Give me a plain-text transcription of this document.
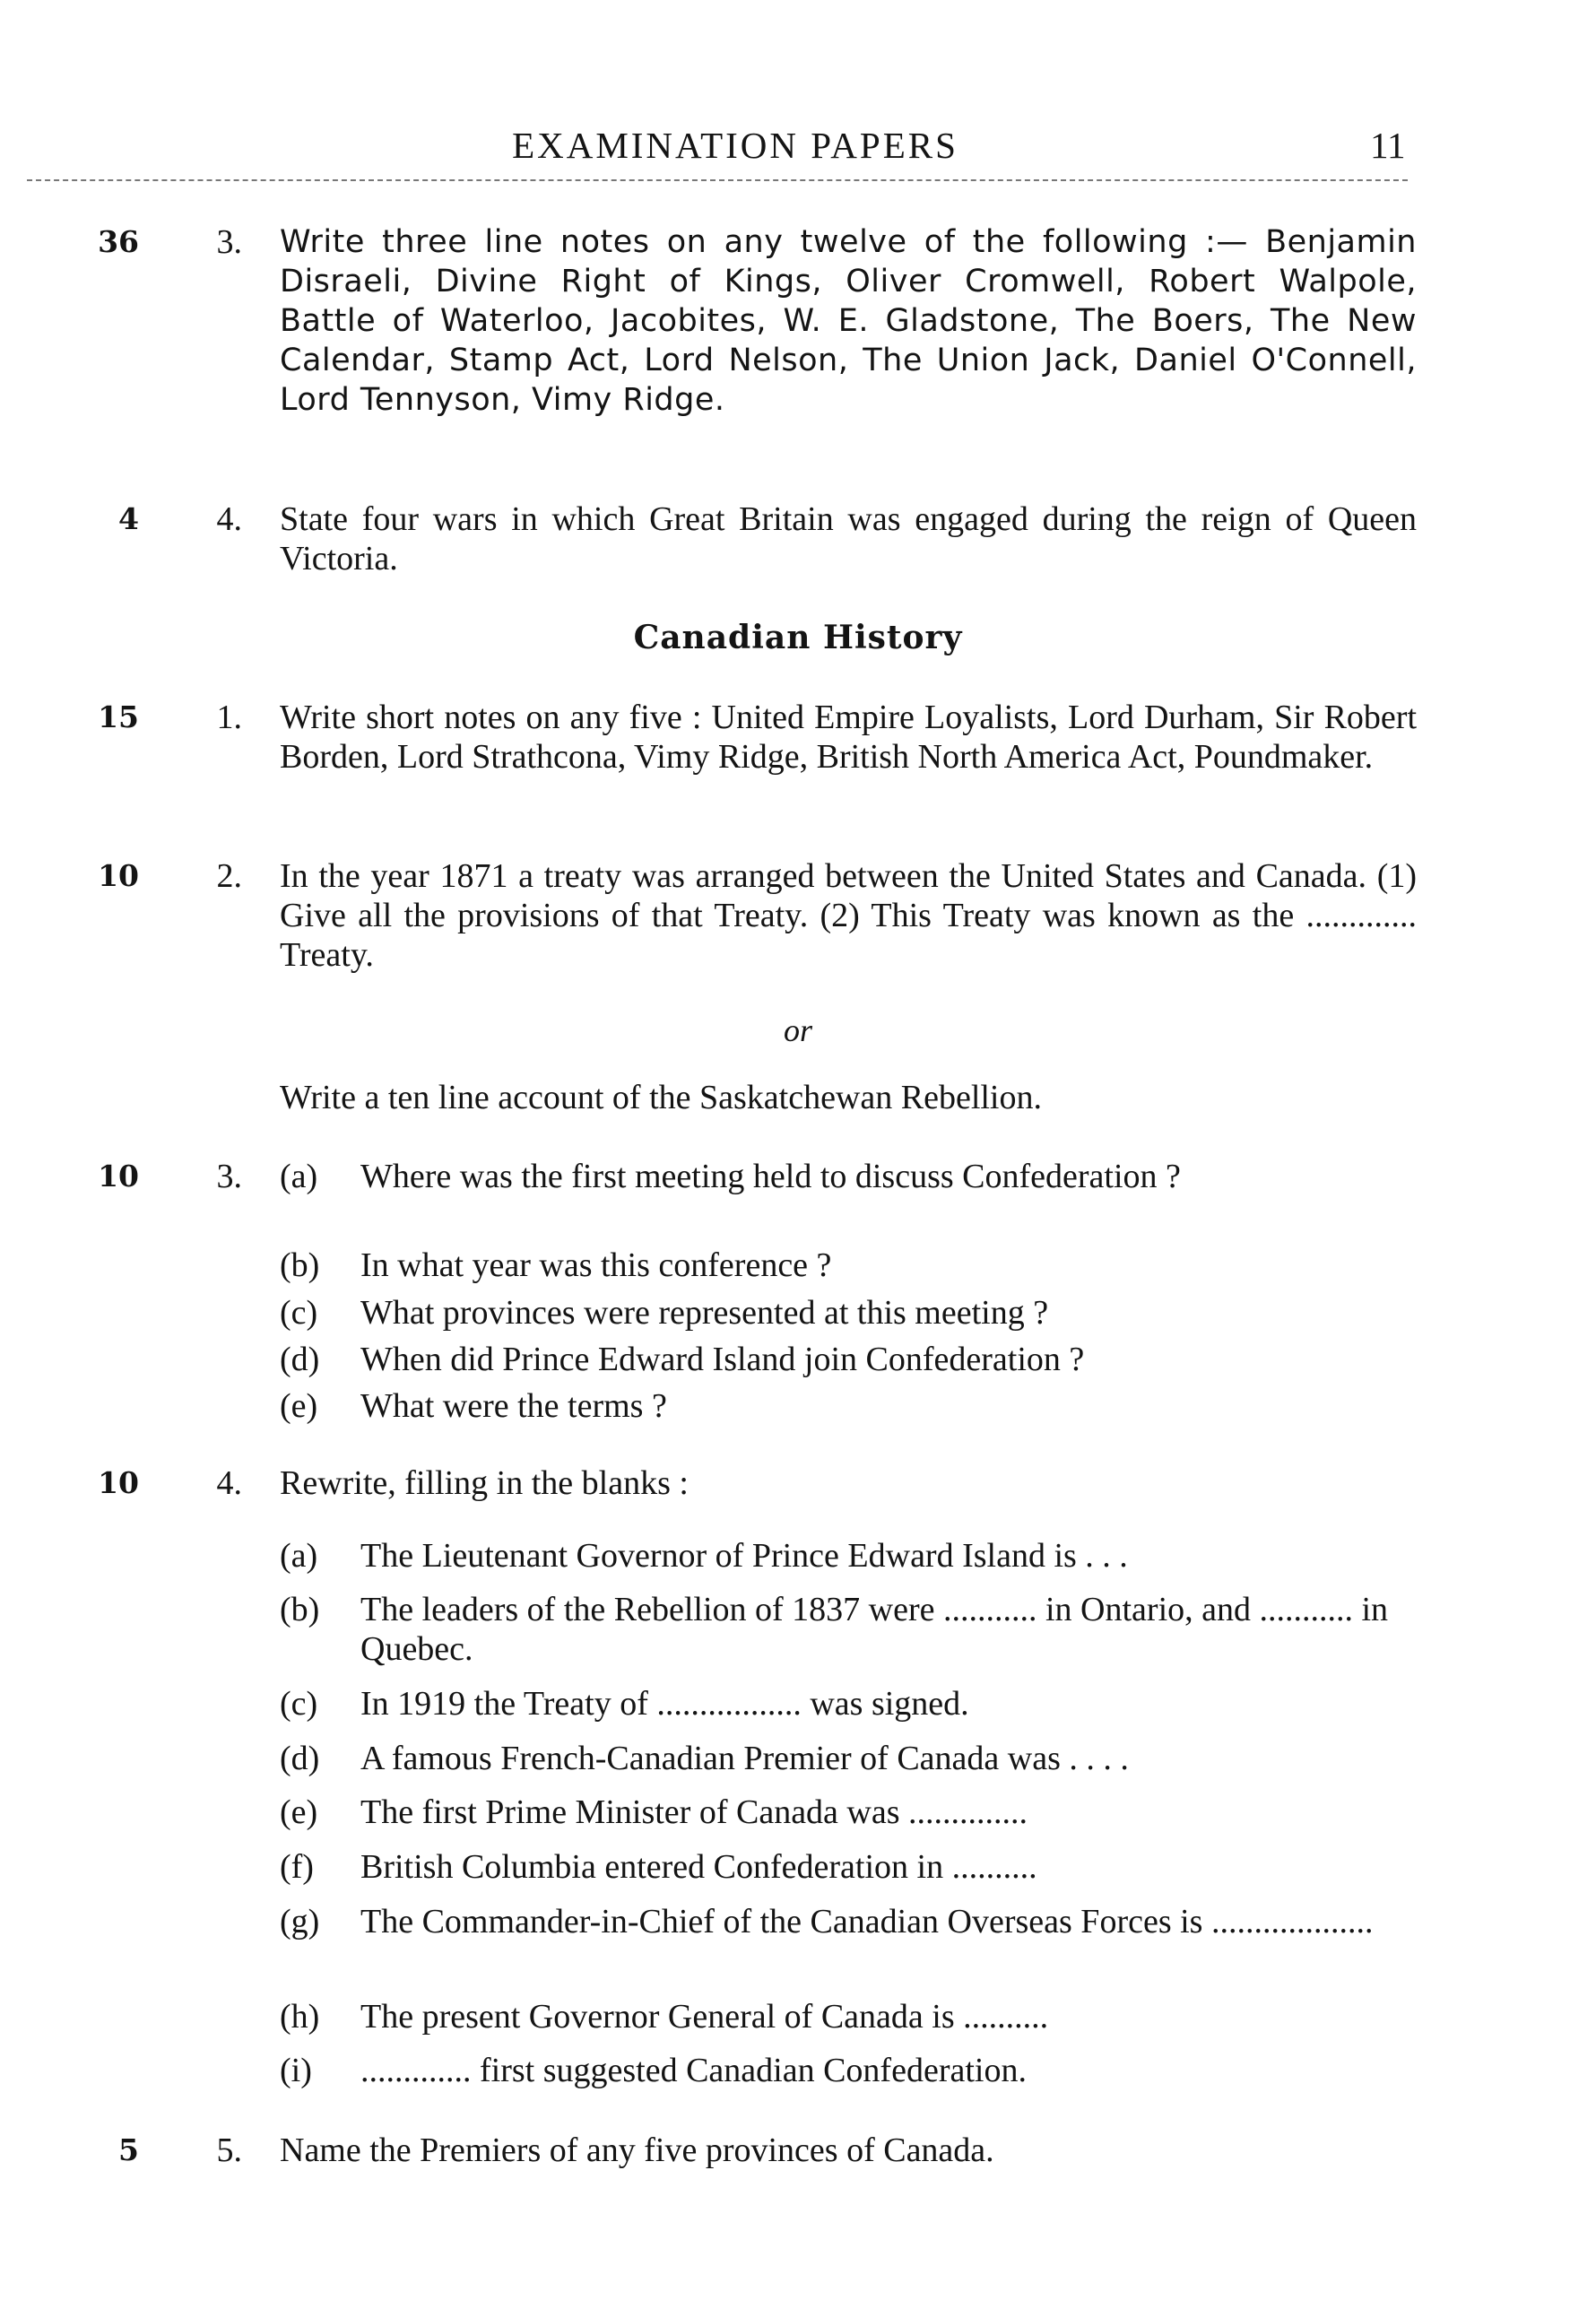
EXAMINATION PAPERS	11
36	3. Write three line notes on any twelve of the following :— Benjamin Disraeli, Divine Right of Kings, Oliver Cromwell, Robert Walpole, Battle of Waterloo, Jacobites, W. E. Gladstone, The Boers, The New Calendar, Stamp Act, Lord Nelson, The Union Jack, Daniel O'Connell, Lord Tennyson, Vimy Ridge.
4	4. State four wars in which Great Britain was engaged during the reign of Queen Victoria.
Canadian History
15	1. Write short notes on any five : United Empire Loyalists, Lord Durham, Sir Robert Borden, Lord Strathcona, Vimy Ridge, British North America Act, Poundmaker.
10	2. In the year 1871 a treaty was arranged between the United States and Canada. (1) Give all the provisions of that Treaty. (2) This Treaty was known as the ............. Treaty.
or
Write a ten line account of the Saskatchewan Rebellion.
10	3. (a)	Where was the first meeting held to discuss Confederation ?
(b)	In what year was this conference ?
(c)	What provinces were represented at this meeting ?
(d)	When did Prince Edward Island join Confederation ?
(e)	What were the terms ?
10	4. Rewrite, filling in the blanks :
(a)	The Lieutenant Governor of Prince Edward Island is . . .
(b)	The leaders of the Rebellion of 1837 were ........... in Ontario, and ........... in Quebec.
(c)	In 1919 the Treaty of ................. was signed.
(d)	A famous French-Canadian Premier of Canada was . . . .
(e)	The first Prime Minister of Canada was ..............
(f)	British Columbia entered Confederation in ..........
(g)	The Commander-in-Chief of the Canadian Overseas Forces is ...................
(h)	The present Governor General of Canada is ..........
(i)	............. first suggested Canadian Confederation.
5	5. Name the Premiers of any five provinces of Canada.
